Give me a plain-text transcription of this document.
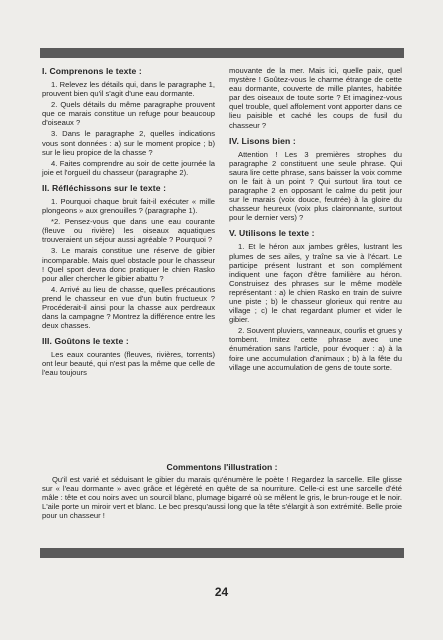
I. Comprenons le texte :

1. Relevez les détails qui, dans le paragraphe 1, prouvent bien qu'il s'agit d'une eau dormante.

2. Quels détails du même paragraphe prouvent que ce marais constitue un refuge pour beaucoup d'oiseaux ?

3. Dans le paragraphe 2, quelles indications vous sont données : a) sur le moment propice ; b) sur le lieu propice de la chasse ?

4. Faites comprendre au soir de cette journée la joie et l'orgueil du chasseur (paragraphe 2).

II. Réfléchissons sur le texte :

1. Pourquoi chaque bruit fait-il exécuter « mille plongeons » aux grenouilles ? (paragraphe 1).

*2. Pensez-vous que dans une eau courante (fleuve ou rivière) les oiseaux aquatiques trouveraient un séjour aussi agréable ? Pourquoi ?

3. Le marais constitue une réserve de gibier incomparable. Mais quel obstacle pour le chasseur ! Quel sport devra donc pratiquer le chien Rasko pour aller chercher le gibier abattu ?

4. Arrivé au lieu de chasse, quelles précautions prend le chasseur en vue d'un butin fructueux ? Procéderait-il ainsi pour la chasse aux perdreaux dans la campagne ? Montrez la différence entre les deux chasses.

III. Goûtons le texte :

Les eaux courantes (fleuves, rivières, torrents) ont leur beauté, qui n'est pas la même que celle de l'eau toujours

mouvante de la mer. Mais ici, quelle paix, quel mystère ! Goûtez-vous le charme étrange de cette eau dormante, couverte de mille plantes, habitée par des oiseaux de toute sorte ? Et imaginez-vous quel trouble, quel affolement vont apporter dans ce lieu paisible et caché les coups de fusil du chasseur ?

IV. Lisons bien :

Attention ! Les 3 premières strophes du paragraphe 2 constituent une seule phrase. Qui saura lire cette phrase, sans baisser la voix comme on le fait à un point ? Qui surtout lira tout ce paragraphe 2 en opposant le calme du petit jour sur le marais (voix douce, feutrée) à la gloire du chasseur heureux (voix plus claironnante, surtout pour le dernier vers) ?

V. Utilisons le texte :

1. Et le héron aux jambes grêles, lustrant les plumes de ses ailes, y traîne sa vie à l'écart. Le participe présent lustrant et son complément indiquent une façon d'être familière au héron. Construisez des phrases sur le même modèle représentant : a) le chien Rasko en train de suivre une piste ; b) le chasseur glorieux qui rentre au village ; c) le chat regardant plumer et vider le gibier.

2. Souvent pluviers, vanneaux, courlis et grues y tombent. Imitez cette phrase avec une énumération sans l'article, pour évoquer : a) à la foire une accumulation d'animaux ; b) à la fête du village une accumulation de gens de toute sorte.

Commentons l'illustration :

Qu'il est varié et séduisant le gibier du marais qu'énumère le poète ! Regardez la sarcelle. Elle glisse sur « l'eau dormante » avec grâce et légèreté en quête de sa nourriture. Celle-ci est une sarcelle d'été mâle : tête et cou noirs avec un sourcil blanc, plumage bigarré où se mêlent le gris, le brun-rouge et le noir. L'aile porte un miroir vert et blanc. Le bec presqu'aussi long que la tête s'élargit à son extrémité. Belle proie pour un chasseur !

24
